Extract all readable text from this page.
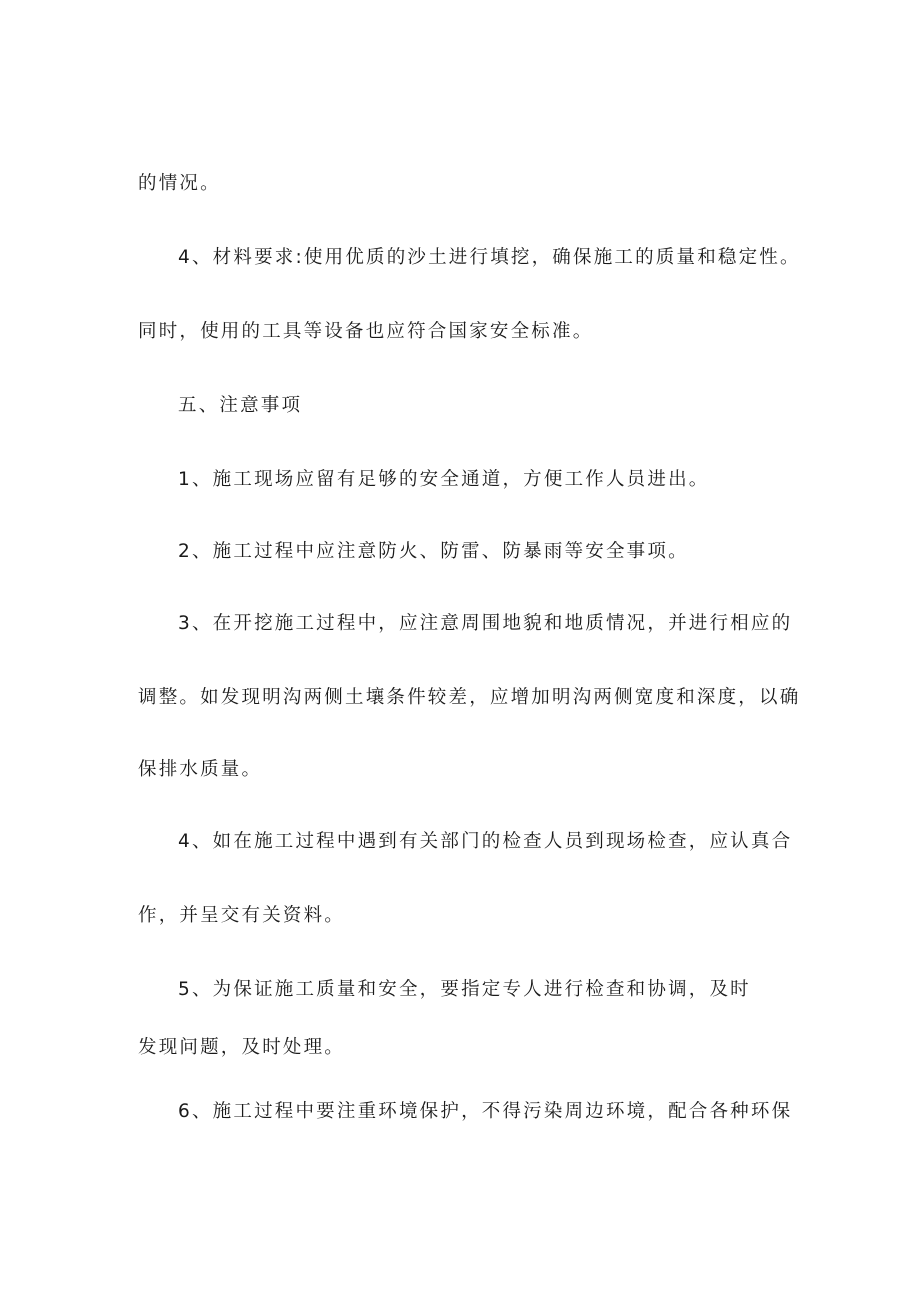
的情况。

4、材料要求:使用优质的沙土进行填挖，确保施工的质量和稳定性。

同时，使用的工具等设备也应符合国家安全标准。

五、注意事项

1、施工现场应留有足够的安全通道，方便工作人员进出。

2、施工过程中应注意防火、防雷、防暴雨等安全事项。

3、在开挖施工过程中，应注意周围地貌和地质情况，并进行相应的

调整。如发现明沟两侧土壤条件较差，应增加明沟两侧宽度和深度，以确

保排水质量。

4、如在施工过程中遇到有关部门的检查人员到现场检查，应认真合

作，并呈交有关资料。

5、为保证施工质量和安全，要指定专人进行检查和协调，及时

发现问题，及时处理。

6、施工过程中要注重环境保护，不得污染周边环境，配合各种环保
